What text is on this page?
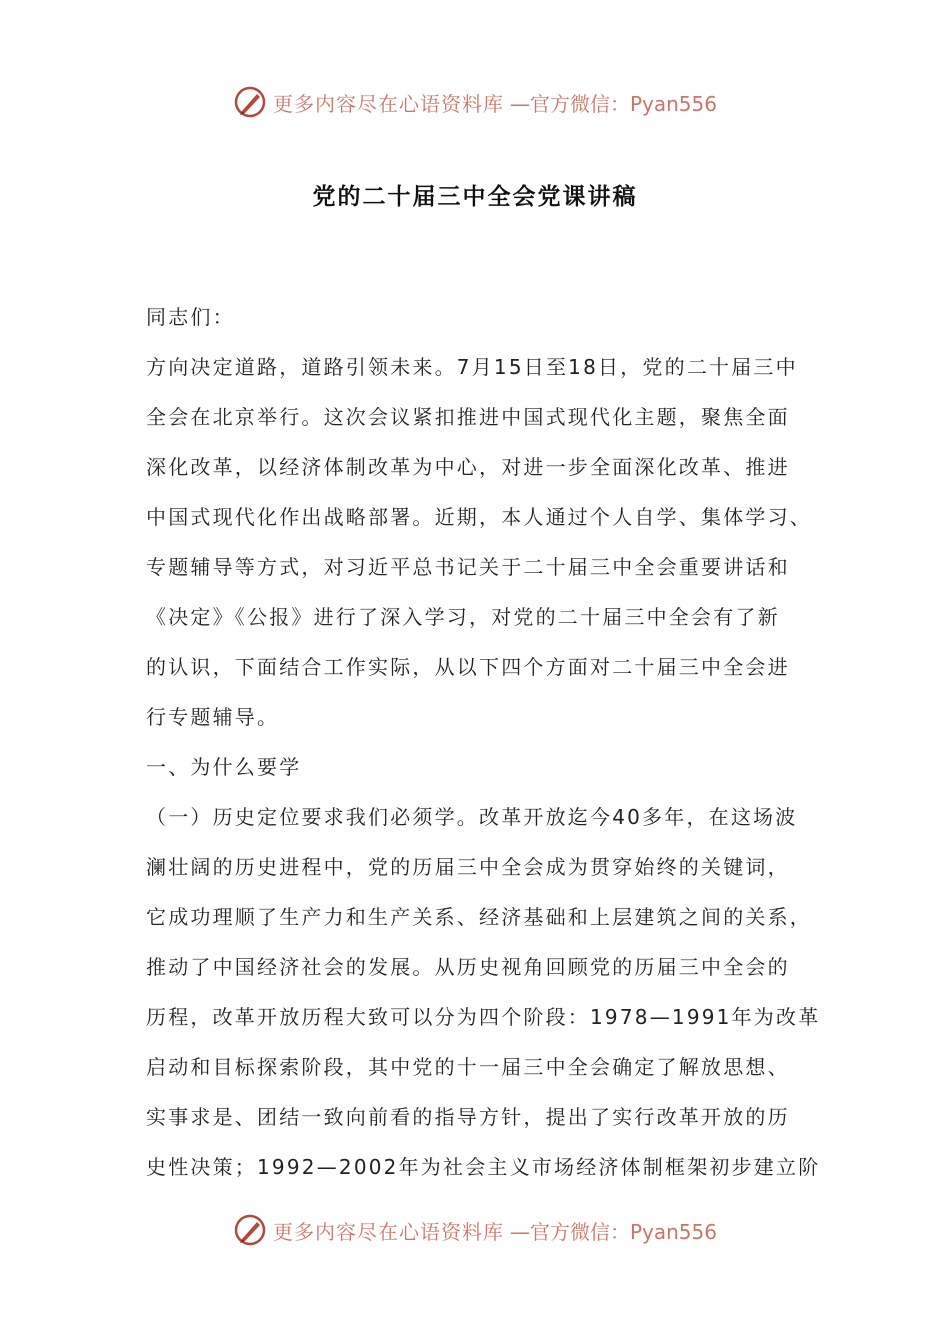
更多内容尽在心语资料库 —官方微信：Pyan556
党的二十届三中全会党课讲稿
同志们：
方向决定道路，道路引领未来。7月15日至18日，党的二十届三中
全会在北京举行。这次会议紧扣推进中国式现代化主题，聚焦全面
深化改革，以经济体制改革为中心，对进一步全面深化改革、推进
中国式现代化作出战略部署。近期，本人通过个人自学、集体学习、
专题辅导等方式，对习近平总书记关于二十届三中全会重要讲话和
《决定》《公报》进行了深入学习，对党的二十届三中全会有了新
的认识，下面结合工作实际，从以下四个方面对二十届三中全会进
行专题辅导。
一、为什么要学
（一）历史定位要求我们必须学。改革开放迄今40多年，在这场波
澜壮阔的历史进程中，党的历届三中全会成为贯穿始终的关键词，
它成功理顺了生产力和生产关系、经济基础和上层建筑之间的关系，
推动了中国经济社会的发展。从历史视角回顾党的历届三中全会的
历程，改革开放历程大致可以分为四个阶段：1978—1991年为改革
启动和目标探索阶段，其中党的十一届三中全会确定了解放思想、
实事求是、团结一致向前看的指导方针，提出了实行改革开放的历
史性决策；1992—2002年为社会主义市场经济体制框架初步建立阶
更多内容尽在心语资料库 —官方微信：Pyan556
